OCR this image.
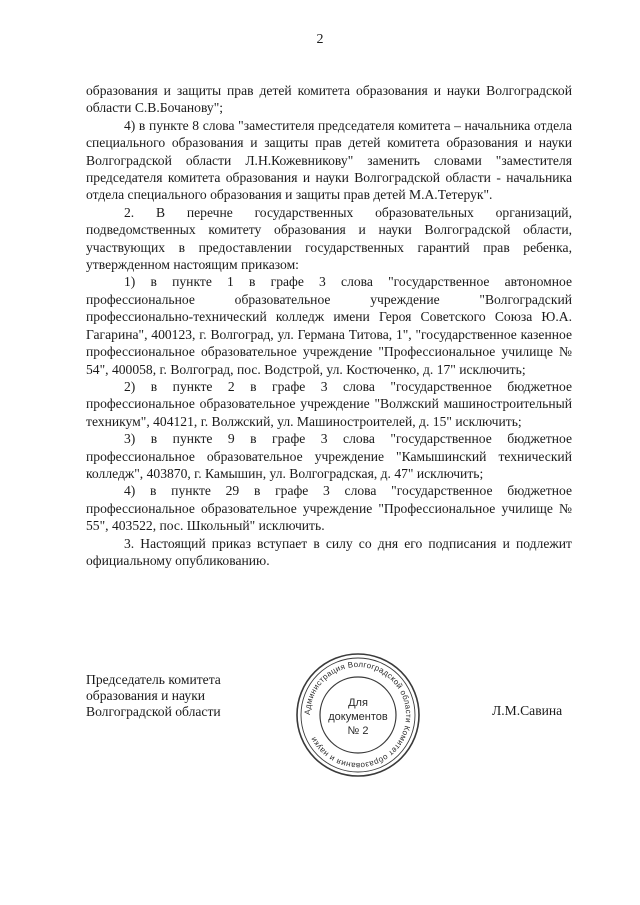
2

образования и защиты прав детей комитета образования и науки Волгоградской области С.В.Бочанову";

4) в пункте 8 слова "заместителя председателя комитета – начальника отдела специального образования и защиты прав детей комитета образования и науки Волгоградской области Л.Н.Кожевникову" заменить словами "заместителя председателя комитета образования и науки Волгоградской области - начальника отдела специального образования и защиты прав детей М.А.Тетерук".

2. В перечне государственных образовательных организаций, подведомственных комитету образования и науки Волгоградской области, участвующих в предоставлении государственных гарантий прав ребенка, утвержденном настоящим приказом:

1) в пункте 1 в графе 3 слова "государственное автономное профессиональное образовательное учреждение "Волгоградский профессионально-технический колледж имени Героя Советского Союза Ю.А. Гагарина", 400123, г. Волгоград, ул. Германа Титова, 1", "государственное казенное профессиональное образовательное учреждение "Профессиональное училище № 54", 400058, г. Волгоград, пос. Водстрой, ул. Костюченко, д. 17" исключить;

2) в пункте 2 в графе 3 слова "государственное бюджетное профессиональное образовательное учреждение "Волжский машиностроительный техникум", 404121, г. Волжский, ул. Машиностроителей, д. 15" исключить;

3) в пункте 9 в графе 3 слова "государственное бюджетное профессиональное образовательное учреждение "Камышинский технический колледж", 403870, г. Камышин, ул. Волгоградская, д. 47" исключить;

4) в пункте 29 в графе 3 слова "государственное бюджетное профессиональное образовательное учреждение "Профессиональное училище № 55", 403522, пос. Школьный" исключить.

3. Настоящий приказ вступает в силу со дня его подписания и подлежит официальному опубликованию.

Председатель комитета
образования и науки
Волгоградской области	Администрация Волгоградской области Комитет образования и науки
Для
документов
№ 2
Л.М.Савина
